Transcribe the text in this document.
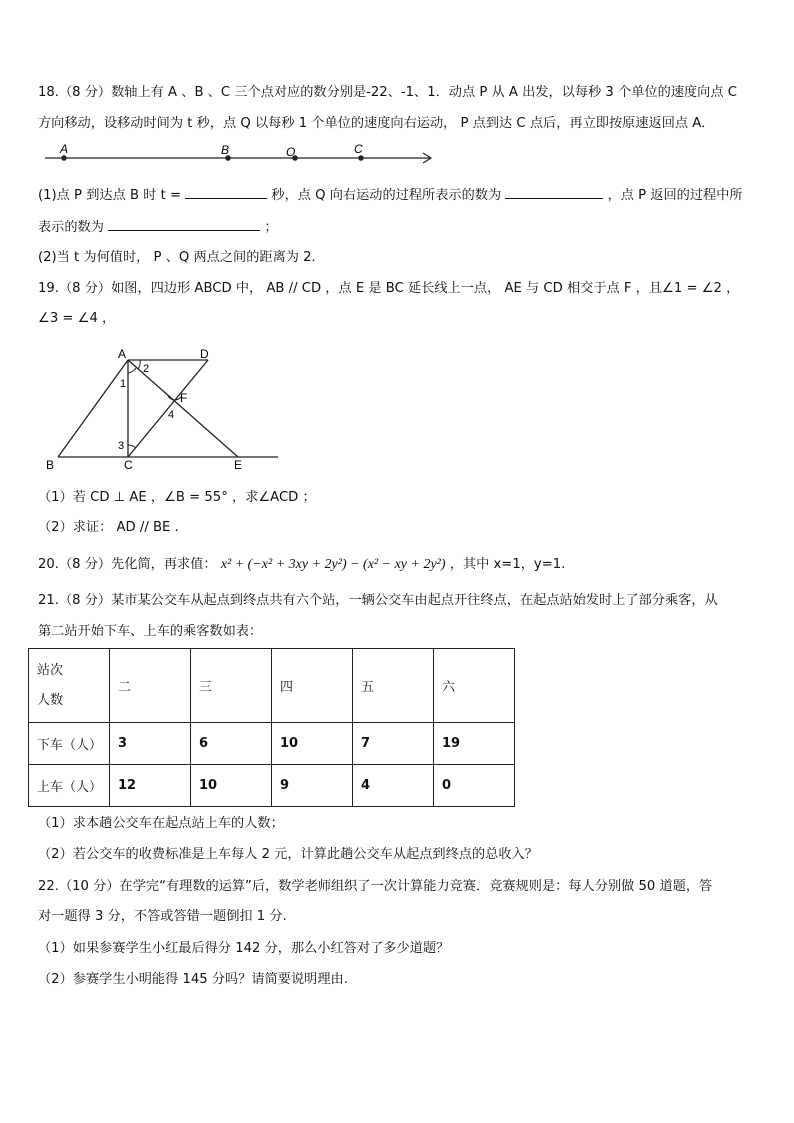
18.（8 分）数轴上有 A 、B 、C 三个点对应的数分别是-22、-1、1．动点 P 从 A 出发，以每秒 3 个单位的速度向点 C
方向移动，设移动时间为 t 秒，点 Q 以每秒 1 个单位的速度向右运动， P 点到达 C 点后，再立即按原速返回点 A．
A	B	O	C
(1)点 P 到达点 B 时 t =	秒，点 Q 向右运动的过程所表示的数为	，点 P 返回的过程中所
表示的数为	；
(2)当 t 为何值时， P 、Q 两点之间的距离为 2．
19.（8 分）如图，四边形 ABCD 中， AB // CD ，点 E 是 BC 延长线上一点， AE 与 CD 相交于点 F ，且∠1 = ∠2 ，
∠3 = ∠4 ，
A	D
1
2
F
4
3
B	C	E
（1）若 CD ⊥ AE ，∠B = 55° ，求∠ACD ；
（2）求证： AD // BE .
20.（8 分）先化简，再求值： x² + (−x² + 3xy + 2y²) − (x² − xy + 2y²) ，其中 x=1，y=1.
21.（8 分）某市某公交车从起点到终点共有六个站，一辆公交车由起点开往终点，在起点站始发时上了部分乘客，从
第二站开始下车、上车的乘客数如表：
站次
人数	二	三	四	五	六
下车（人）	3	6	10	7	19
上车（人）	12	10	9	4	0
（1）求本趟公交车在起点站上车的人数；
（2）若公交车的收费标准是上车每人 2 元，计算此趟公交车从起点到终点的总收入？
22.（10 分）在学完“有理数的运算”后，数学老师组织了一次计算能力竞赛．竞赛规则是：每人分别做 50 道题，答
对一题得 3 分，不答或答错一题倒扣 1 分.
（1）如果参赛学生小红最后得分 142 分，那么小红答对了多少道题？
（2）参赛学生小明能得 145 分吗？请简要说明理由.
